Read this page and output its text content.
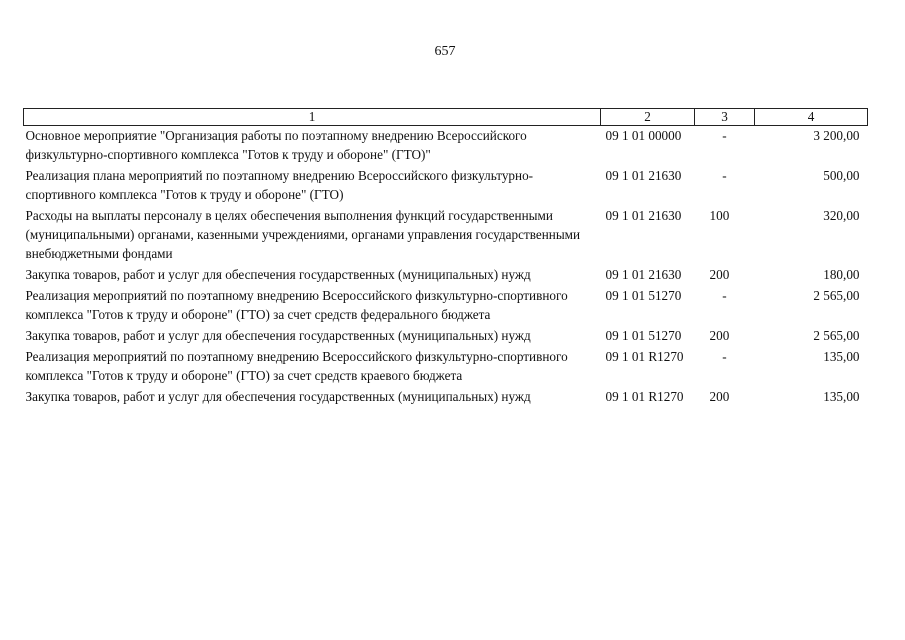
657
1	2	3	4
Основное мероприятие "Организация работы по поэтапному внедрению Всероссийского физкультурно-спортивного комплекса "Готов к труду и обороне" (ГТО)"	09 1 01 00000	-	3 200,00
Реализация плана мероприятий по поэтапному внедрению Всероссийского физкультурно-спортивного комплекса "Готов к труду и обороне" (ГТО)	09 1 01 21630	-	500,00
Расходы на выплаты персоналу в целях обеспечения выполнения функций государственными (муниципальными) органами, казенными учреждениями, органами управления государственными внебюджетными фондами	09 1 01 21630	100	320,00
Закупка товаров, работ и услуг для обеспечения государственных (муниципальных) нужд	09 1 01 21630	200	180,00
Реализация мероприятий по поэтапному внедрению Всероссийского физкультурно-спортивного комплекса "Готов к труду и обороне" (ГТО) за счет средств федерального бюджета	09 1 01 51270	-	2 565,00
Закупка товаров, работ и услуг для обеспечения государственных (муниципальных) нужд	09 1 01 51270	200	2 565,00
Реализация мероприятий по поэтапному внедрению Всероссийского физкультурно-спортивного комплекса "Готов к труду и обороне" (ГТО) за счет средств краевого бюджета	09 1 01 R1270	-	135,00
Закупка товаров, работ и услуг для обеспечения государственных (муниципальных) нужд	09 1 01 R1270	200	135,00
